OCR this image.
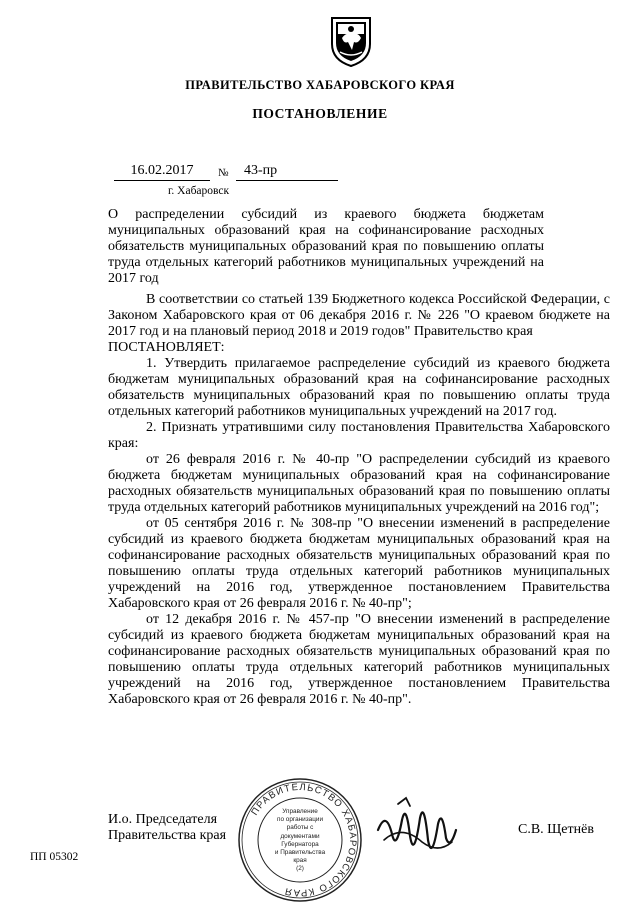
ПРАВИТЕЛЬСТВО ХАБАРОВСКОГО КРАЯ
ПОСТАНОВЛЕНИЕ
16.02.2017	№	43-пр
г. Хабаровск
О распределении субсидий из краевого бюджета бюджетам муниципальных образований края на софинансирование расходных обязательств муниципальных образований края по повышению оплаты труда отдельных категорий работников муниципальных учреждений на 2017 год

В соответствии со статьей 139 Бюджетного кодекса Российской Федерации, с Законом Хабаровского края от 06 декабря 2016 г. № 226 "О краевом бюджете на 2017 год и на плановый период 2018 и 2019 годов" Правительство края

ПОСТАНОВЛЯЕТ:

1. Утвердить прилагаемое распределение субсидий из краевого бюджета бюджетам муниципальных образований края на софинансирование расходных обязательств муниципальных образований края по повышению оплаты труда отдельных категорий работников муниципальных учреждений на 2017 год.

2. Признать утратившими силу постановления Правительства Хабаровского края:

от 26 февраля 2016 г. № 40-пр "О распределении субсидий из краевого бюджета бюджетам муниципальных образований края на софинансирование расходных обязательств муниципальных образований края по повышению оплаты труда отдельных категорий работников муниципальных учреждений на 2016 год";

от 05 сентября 2016 г. № 308-пр "О внесении изменений в распределение субсидий из краевого бюджета бюджетам муниципальных образований края на софинансирование расходных обязательств муниципальных образований края по повышению оплаты труда отдельных категорий работников муниципальных учреждений на 2016 год, утвержденное постановлением Правительства Хабаровского края от 26 февраля 2016 г. № 40-пр";

от 12 декабря 2016 г. № 457-пр "О внесении изменений в распределение субсидий из краевого бюджета бюджетам муниципальных образований края на софинансирование расходных обязательств муниципальных образований края по повышению оплаты труда отдельных категорий работников муниципальных учреждений на 2016 год, утвержденное постановлением Правительства Хабаровского края от 26 февраля 2016 г. № 40-пр".

И.о. Председателя
Правительства края
ПРАВИТЕЛЬСТВО ХАБАРОВСКОГО КРАЯ
Управление
по организации
работы с документами
Губернатора
и Правительства
края
(2)
С.В. Щетнёв
ПП 05302
